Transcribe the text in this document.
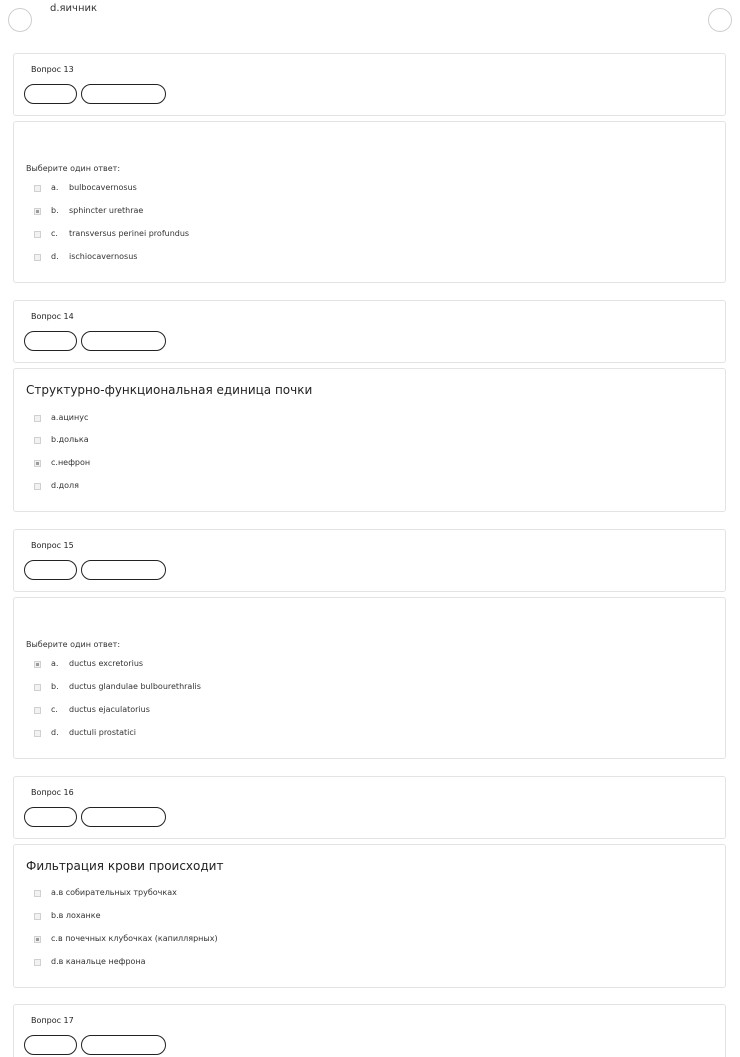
d.яичник
Вопрос 13
Выберите один ответ:
a. bulbocavernosus
b. sphincter urethrae
c. transversus perinei profundus
d. ischiocavernosus
Вопрос 14
Структурно-функциональная единица почки
a.ацинус
b.долька
c.нефрон
d.доля
Вопрос 15
Выберите один ответ:
a. ductus excretorius
b. ductus glandulae bulbourethralis
c. ductus ejaculatorius
d. ductuli prostatici
Вопрос 16
Фильтрация крови происходит
a.в собирательных трубочках
b.в лоханке
c.в почечных клубочках (капиллярных)
d.в канальце нефрона
Вопрос 17
